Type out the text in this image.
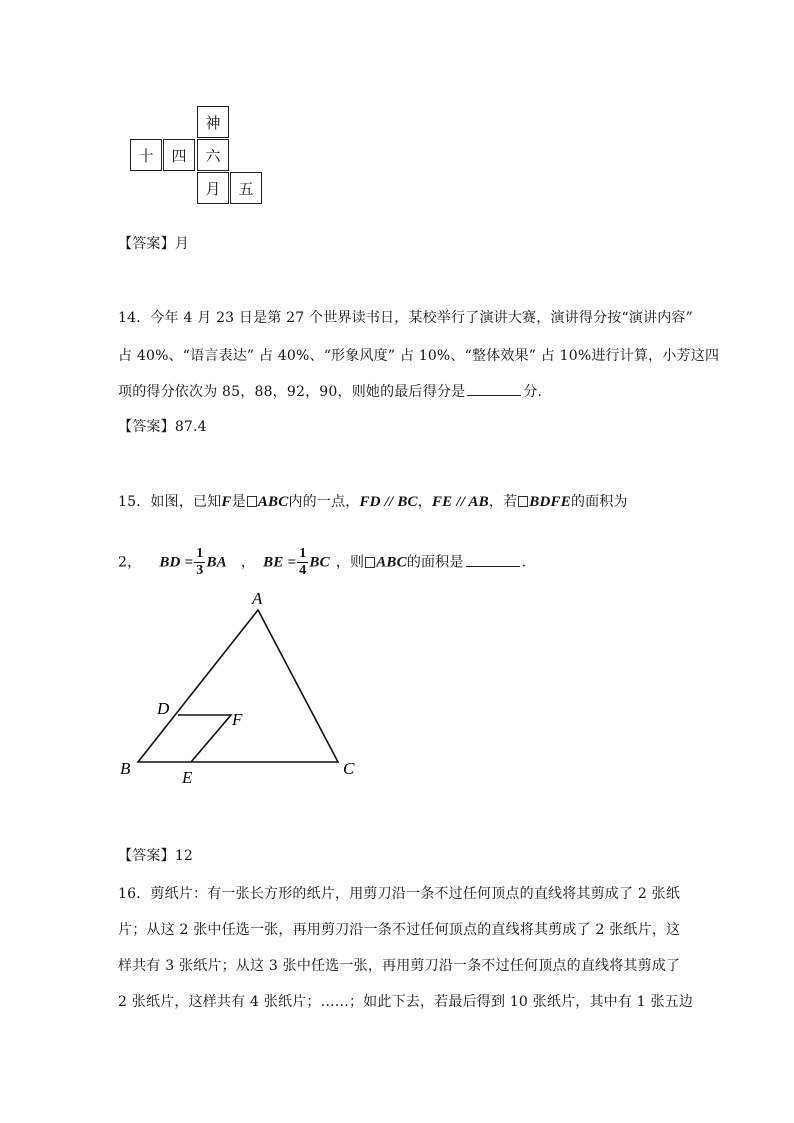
神
十	四	六
月	五
【答案】月
14．今年 4 月 23 日是第 27 个世界读书日，某校举行了演讲大赛，演讲得分按“演讲内容”
占 40%、“语言表达” 占 40%、“形象风度” 占 10%、“整体效果” 占 10%进行计算，小芳这四
项的得分依次为 85，88，92，90，则她的最后得分是	分．
【答案】87.4
15．如图，已知F是 ABC内的一点，FD // BC，FE // AB，若 BDFE的面积为
2， BD = $\frac{1}{3}$ BA ， BE = $\frac{1}{4}$ BC ，则 ABC的面积是	．
A
B	C
D
E
F
【答案】12
16．剪纸片：有一张长方形的纸片，用剪刀沿一条不过任何顶点的直线将其剪成了 2 张纸
片；从这 2 张中任选一张，再用剪刀沿一条不过任何顶点的直线将其剪成了 2 张纸片，这
样共有 3 张纸片；从这 3 张中任选一张，再用剪刀沿一条不过任何顶点的直线将其剪成了
2 张纸片，这样共有 4 张纸片；……；如此下去，若最后得到 10 张纸片，其中有 1 张五边
